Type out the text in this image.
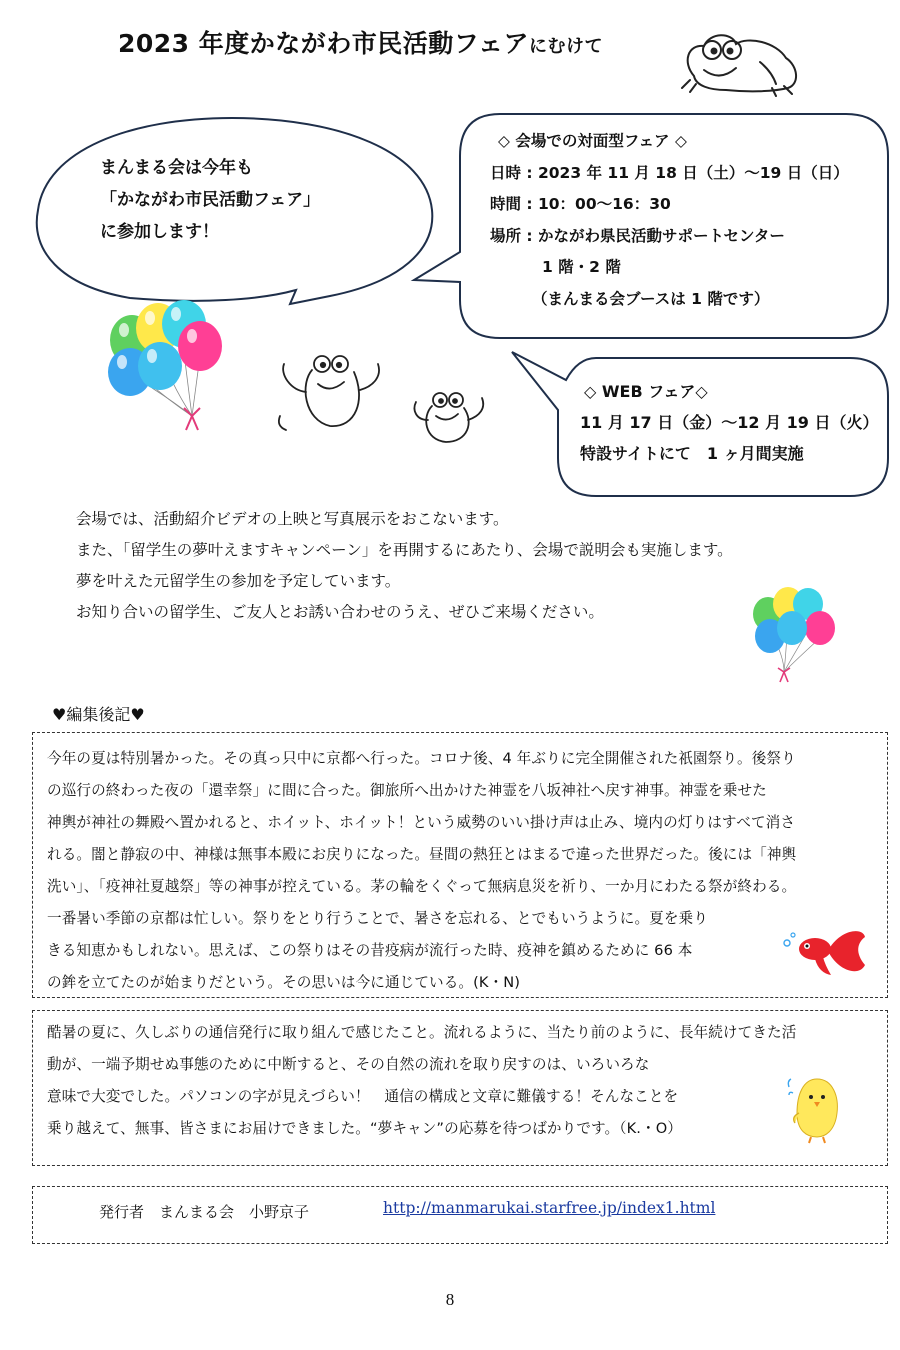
2023 年度かながわ市民活動フェアにむけて
まんまる会は今年も
「かながわ市民活動フェア」
に参加します！
◇ 会場での対面型フェア ◇
日時 : 2023 年 11 月 18 日（土）～19 日（日）
時間 : 10：00～16：30
場所 : かながわ県民活動サポートセンター
1 階・2 階
（まんまる会ブースは 1 階です）
◇ WEB フェア◇
11 月 17 日（金）～12 月 19 日（火）
特設サイトにて　1 ヶ月間実施
会場では、活動紹介ビデオの上映と写真展示をおこないます。
また、「留学生の夢叶えますキャンペーン」を再開するにあたり、会場で説明会も実施します。
夢を叶えた元留学生の参加を予定しています。
お知り合いの留学生、ご友人とお誘い合わせのうえ、ぜひご来場ください。
♥編集後記♥
今年の夏は特別暑かった。その真っ只中に京都へ行った。コロナ後、4 年ぶりに完全開催された祇園祭り。後祭り
の巡行の終わった夜の「還幸祭」に間に合った。御旅所へ出かけた神霊を八坂神社へ戻す神事。神霊を乗せた
神輿が神社の舞殿へ置かれると、ホイット、ホイット！という威勢のいい掛け声は止み、境内の灯りはすべて消さ
れる。闇と静寂の中、神様は無事本殿にお戻りになった。昼間の熱狂とはまるで違った世界だった。後には「神輿
洗い」、「疫神社夏越祭」等の神事が控えている。茅の輪をくぐって無病息災を祈り、一か月にわたる祭が終わる。
一番暑い季節の京都は忙しい。祭りをとり行うことで、暑さを忘れる、とでもいうように。夏を乗り
きる知恵かもしれない。思えば、この祭りはその昔疫病が流行った時、疫神を鎮めるために 66 本
の鉾を立てたのが始まりだという。その思いは今に通じている。(K・N)
酷暑の夏に、久しぶりの通信発行に取り組んで感じたこと。流れるように、当たり前のように、長年続けてきた活
動が、一端予期せぬ事態のために中断すると、その自然の流れを取り戻すのは、いろいろな
意味で大変でした。パソコンの字が見えづらい！　通信の構成と文章に難儀する！そんなことを
乗り越えて、無事、皆さまにお届けできました。“夢キャン”の応募を待つばかりです。（K.・O）
発行者　まんまる会　小野京子	http://manmarukai.starfree.jp/index1.html
8
